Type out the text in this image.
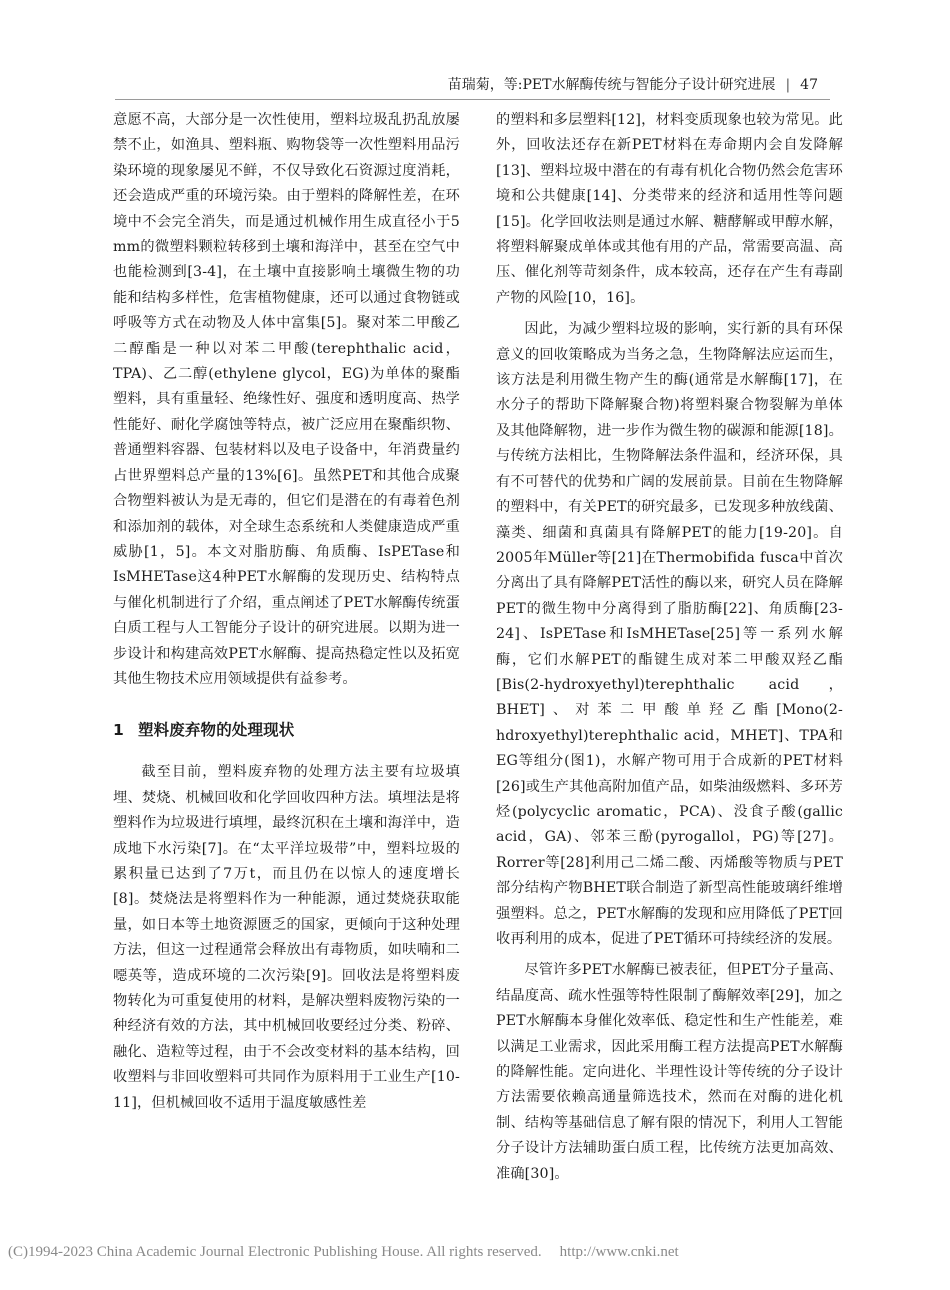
苗瑞菊，等:PET水解酶传统与智能分子设计研究进展 | 47

意愿不高，大部分是一次性使用，塑料垃圾乱扔乱放屡禁不止，如渔具、塑料瓶、购物袋等一次性塑料用品污染环境的现象屡见不鲜，不仅导致化石资源过度消耗，还会造成严重的环境污染。由于塑料的降解性差，在环境中不会完全消失，而是通过机械作用生成直径小于5 mm的微塑料颗粒转移到土壤和海洋中，甚至在空气中也能检测到[3-4]，在土壤中直接影响土壤微生物的功能和结构多样性，危害植物健康，还可以通过食物链或呼吸等方式在动物及人体中富集[5]。聚对苯二甲酸乙二醇酯是一种以对苯二甲酸(terephthalic acid，TPA)、乙二醇(ethylene glycol，EG)为单体的聚酯塑料，具有重量轻、绝缘性好、强度和透明度高、热学性能好、耐化学腐蚀等特点，被广泛应用在聚酯织物、普通塑料容器、包装材料以及电子设备中，年消费量约占世界塑料总产量的13%[6]。虽然PET和其他合成聚合物塑料被认为是无毒的，但它们是潜在的有毒着色剂和添加剂的载体，对全球生态系统和人类健康造成严重威胁[1，5]。本文对脂肪酶、角质酶、IsPETase和IsMHETase这4种PET水解酶的发现历史、结构特点与催化机制进行了介绍，重点阐述了PET水解酶传统蛋白质工程与人工智能分子设计的研究进展。以期为进一步设计和构建高效PET水解酶、提高热稳定性以及拓宽其他生物技术应用领域提供有益参考。

1 塑料废弃物的处理现状

截至目前，塑料废弃物的处理方法主要有垃圾填埋、焚烧、机械回收和化学回收四种方法。填埋法是将塑料作为垃圾进行填埋，最终沉积在土壤和海洋中，造成地下水污染[7]。在“太平洋垃圾带”中，塑料垃圾的累积量已达到了7万t，而且仍在以惊人的速度增长[8]。焚烧法是将塑料作为一种能源，通过焚烧获取能量，如日本等土地资源匮乏的国家，更倾向于这种处理方法，但这一过程通常会释放出有毒物质，如呋喃和二噁英等，造成环境的二次污染[9]。回收法是将塑料废物转化为可重复使用的材料，是解决塑料废物污染的一种经济有效的方法，其中机械回收要经过分类、粉碎、融化、造粒等过程，由于不会改变材料的基本结构，回收塑料与非回收塑料可共同作为原料用于工业生产[10-11]，但机械回收不适用于温度敏感性差

的塑料和多层塑料[12]，材料变质现象也较为常见。此外，回收法还存在新PET材料在寿命期内会自发降解[13]、塑料垃圾中潜在的有毒有机化合物仍然会危害环境和公共健康[14]、分类带来的经济和适用性等问题[15]。化学回收法则是通过水解、糖酵解或甲醇水解，将塑料解聚成单体或其他有用的产品，常需要高温、高压、催化剂等苛刻条件，成本较高，还存在产生有毒副产物的风险[10，16]。

因此，为减少塑料垃圾的影响，实行新的具有环保意义的回收策略成为当务之急，生物降解法应运而生，该方法是利用微生物产生的酶(通常是水解酶[17]，在水分子的帮助下降解聚合物)将塑料聚合物裂解为单体及其他降解物，进一步作为微生物的碳源和能源[18]。与传统方法相比，生物降解法条件温和，经济环保，具有不可替代的优势和广阔的发展前景。目前在生物降解的塑料中，有关PET的研究最多，已发现多种放线菌、藻类、细菌和真菌具有降解PET的能力[19-20]。自2005年Müller等[21]在Thermobifida fusca中首次分离出了具有降解PET活性的酶以来，研究人员在降解PET的微生物中分离得到了脂肪酶[22]、角质酶[23-24]、IsPETase和IsMHETase[25]等一系列水解酶，它们水解PET的酯键生成对苯二甲酸双羟乙酯[Bis(2-hydroxyethyl)terephthalic acid，BHET]、对苯二甲酸单羟乙酯[Mono(2-hdroxyethyl)terephthalic acid，MHET]、TPA和EG等组分(图1)，水解产物可用于合成新的PET材料[26]或生产其他高附加值产品，如柴油级燃料、多环芳烃(polycyclic aromatic，PCA)、没食子酸(gallic acid，GA)、邻苯三酚(pyrogallol，PG)等[27]。Rorrer等[28]利用己二烯二酸、丙烯酸等物质与PET部分结构产物BHET联合制造了新型高性能玻璃纤维增强塑料。总之，PET水解酶的发现和应用降低了PET回收再利用的成本，促进了PET循环可持续经济的发展。

尽管许多PET水解酶已被表征，但PET分子量高、结晶度高、疏水性强等特性限制了酶解效率[29]，加之PET水解酶本身催化效率低、稳定性和生产性能差，难以满足工业需求，因此采用酶工程方法提高PET水解酶的降解性能。定向进化、半理性设计等传统的分子设计方法需要依赖高通量筛选技术，然而在对酶的进化机制、结构等基础信息了解有限的情况下，利用人工智能分子设计方法辅助蛋白质工程，比传统方法更加高效、准确[30]。

(C)1994-2023 China Academic Journal Electronic Publishing House. All rights reserved. http://www.cnki.net
